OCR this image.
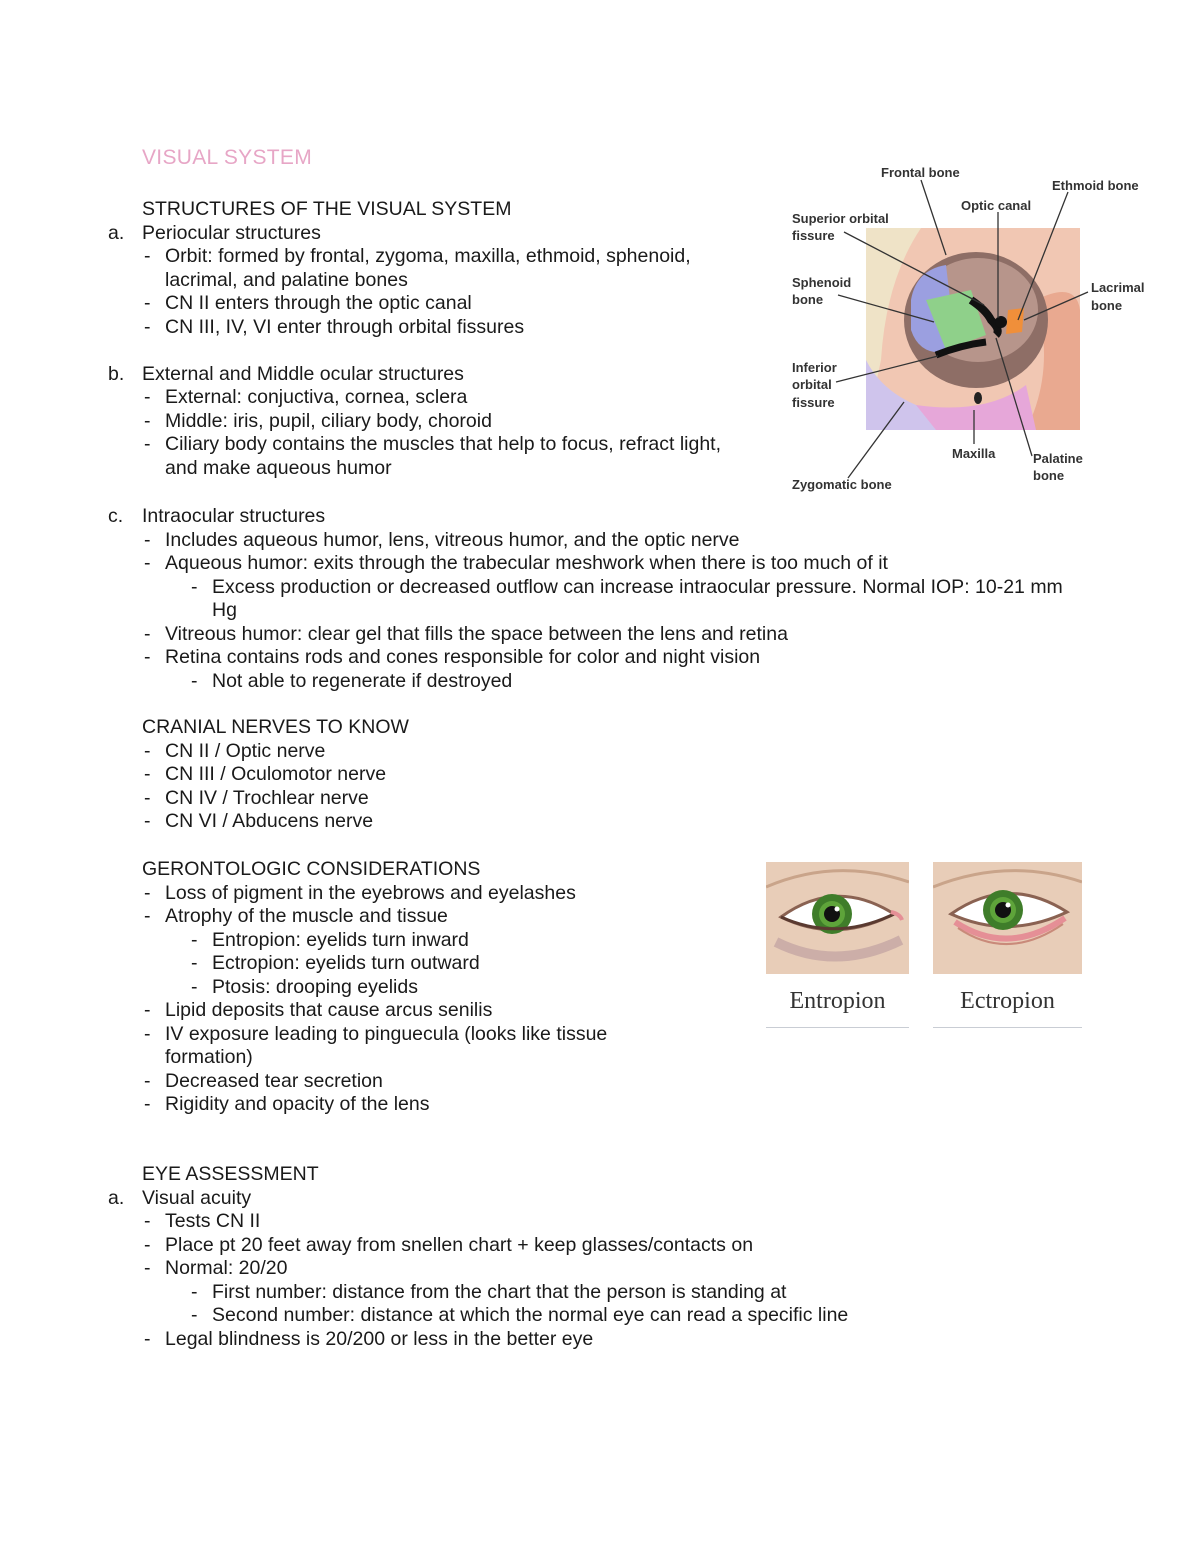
VISUAL SYSTEM

STRUCTURES OF THE VISUAL SYSTEM

a. Periocular structures

- Orbit: formed by frontal, zygoma, maxilla, ethmoid, sphenoid, lacrimal, and palatine bones
- CN II enters through the optic canal
- CN III, IV, VI enter through orbital fissures

b. External and Middle ocular structures

- External: conjuctiva, cornea, sclera
- Middle: iris, pupil, ciliary body, choroid
- Ciliary body contains the muscles that help to focus, refract light, and make aqueous humor

c. Intraocular structures

- Includes aqueous humor, lens, vitreous humor, and the optic nerve
- Aqueous humor: exits through the trabecular meshwork when there is too much of it
- Excess production or decreased outflow can increase intraocular pressure. Normal IOP: 10-21 mm Hg
- Vitreous humor: clear gel that fills the space between the lens and retina
- Retina contains rods and cones responsible for color and night vision
- Not able to regenerate if destroyed

CRANIAL NERVES TO KNOW

- CN II / Optic nerve
- CN III / Oculomotor nerve
- CN IV / Trochlear nerve
- CN VI / Abducens nerve

GERONTOLOGIC CONSIDERATIONS

- Loss of pigment in the eyebrows and eyelashes
- Atrophy of the muscle and tissue
- Entropion: eyelids turn inward
- Ectropion: eyelids turn outward
- Ptosis: drooping eyelids
- Lipid deposits that cause arcus senilis
- IV exposure leading to pinguecula (looks like tissue formation)
- Decreased tear secretion
- Rigidity and opacity of the lens

EYE ASSESSMENT

a. Visual acuity

- Tests CN II
- Place pt 20 feet away from snellen chart + keep glasses/contacts on
- Normal: 20/20
- First number: distance from the chart that the person is standing at
- Second number: distance at which the normal eye can read a specific line
- Legal blindness is 20/200 or less in the better eye
Frontal bone
Ethmoid bone
Optic canal
Superior orbital
fissure
Sphenoid
bone
Lacrimal
bone
Inferior
orbital
fissure
Maxilla	Palatine
bone
Zygomatic bone
Entropion	Ectropion
